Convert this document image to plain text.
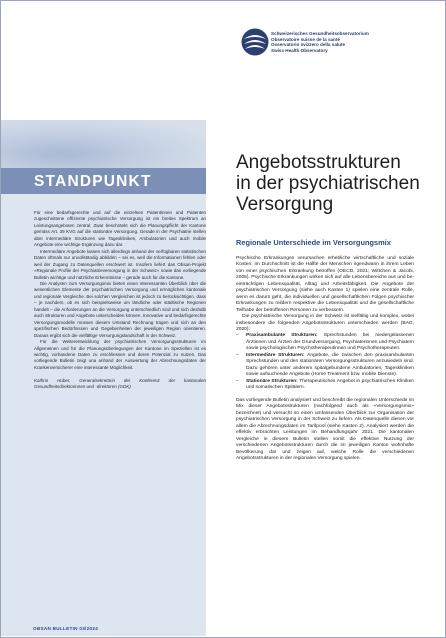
Schweizerisches Gesundheitsobservatorium
Observatoire suisse de la santé
Osservatorio svizzero della salute
Swiss Health Observatory
STANDPUNKT

Für eine bedarfsgerechte und auf die einzelnen Patientinnen und Patienten zugeschnittene effiziente psychiatrische Versorgung ist ein breites Spektrum an Leistungsangeboten zentral. Zwar beschränkt sich die Planungspflicht der Kantone gemäss Art. 39 KVG auf die stationäre Versorgung. Gerade in der Psychiatrie stellen aber intermediäre Strukturen wie Tageskliniken, Ambulatorien und auch mobile Angebote eine wichtige Ergänzung dazu dar.

Intermediäre Angebote lassen sich allerdings anhand der verfügbaren statistischen Daten oftmals nur unvollständig abbilden – sei es, weil die Informationen fehlen oder weil der Zugang zu Datenquellen erschwert ist. Insofern liefert das Obsan-Projekt «Regionale Profile der Psychiatrieversorgung in der Schweiz» sowie das vorliegende Bulletin wichtige und nützliche Erkenntnisse – gerade auch für die Kantone.

Die Analysen zum Versorgungsmix bieten einen interessanten Überblick über die wesentlichen Elemente der psychiatrischen Versorgung und ermöglichen kantonale und regionale Vergleiche. Bei solchen Vergleichen ist jedoch zu berücksichtigen, dass – je nachdem, ob es sich beispielsweise um ländliche oder städtische Regionen handelt – die Anforderungen an die Versorgung unterschiedlich sind und sich deshalb auch Strukturen und Angebote unterscheiden können. Innovative und bedarfsgerechte Versorgungsmodelle müssen diesem Umstand Rechnung tragen und sich an den spezifischen Bedürfnissen und Gegebenheiten der jeweiligen Region orientieren. Daraus ergibt sich die vielfältige Versorgungslandschaft in der Schweiz.

Für die Weiterentwicklung der psychiatrischen Versorgungsstrukturen im Allgemeinen und für die Planungsüberlegungen der Kantone im Speziellen ist es wichtig, vorhandene Daten zu erschliessen und deren Potenzial zu nutzen. Das vorliegende Bulletin zeigt una anhand der Auswertung der Abrechnungsdaten der Krankenversicherer eine interessante Möglichkeit.

Kathrin Huber, Generalsekretärin der Konferenz der kantonalen Gesundheitsdirektorinnen und -direktoren (GDK)

OBSAN BULLETIN 03/2024
Angebotsstrukturen
in der psychiatrischen
Versorgung
Regionale Unterschiede im Versorgungsmix

Psychische Erkrankungen verursachen erhebliche wirtschaftliche und soziale Kosten. Im Durchschnitt ist die Hälfte der Menschen irgendwann in ihrem Leben von einer psychischen Erkrankung betroffen (OECD, 2021; Wittchen & Jacobi, 2005). Psychische Erkrankungen wirken sich auf alle Lebensbereiche aus und beeinträchtigen Lebensqualität, Alltag und Arbeitsfähigkeit. Die Angebote der psychiatrischen Versorgung (siehe auch Kasten 1) spielen eine zentrale Rolle, wenn es darum geht, die individuellen und gesellschaftlichen Folgen psychischer Erkrankungen zu mildern respektive die Lebensqualität und die gesellschaftliche Teilhabe der betroffenen Personen zu verbessern.

Die psychiatrische Versorgung in der Schweiz ist vielfältig und komplex, wobei insbesondere die folgenden Angebotsstrukturen unterschieden werden (BAG, 2020):

– Praxisambulante Strukturen: Sprechstunden bei niedergelassenen Ärztinnen und Ärzten der Grundversorgung, Psychiaterinnen und Psychiatern sowie psychologischen Psychotherapeutinnen und Psychotherapeuten.
– Intermediäre Strukturen: Angebote, die zwischen den praxisambulanten Sprechstunden und den stationären Versorgungsstrukturen anzusiedeln sind. Dazu gehören unter anderem spitalgebundene Ambulatorien, Tageskliniken sowie aufsuchende Angebote (Home Treatment bzw. mobile Dienste).
– Stationäre Strukturen: Therapeutisches Angebot in psychiatrischen Kliniken und somatischen Spitälern.

Das vorliegende Bulletin analysiert und beschreibt die regionalen Unterschiede im Mix dieser Angebotsstrukturen (nachfolgend auch als «Versorgungsmix» bezeichnet) und versucht so einen umfassenden Überblick zur Organisation der psychiatrischen Versorgung in der Schweiz zu liefern. Als Datenquelle dienen vor allem die Abrechnungsdaten im Tarifpool (siehe Kasten 2). Analysiert werden die effektiv erbrachten Leistungen im Behandlungsjahr 2021. Die kantonalen Vergleiche in diesem Bulletin stellen somit die effektive Nutzung der verschiedenen Angebotsstrukturen durch die im jeweiligen Kanton wohnhafte Bevölkerung dar und zeigen auf, welche Rolle die verschiedenen Angebotsstrukturen in der regionalen Versorgung spielen.
